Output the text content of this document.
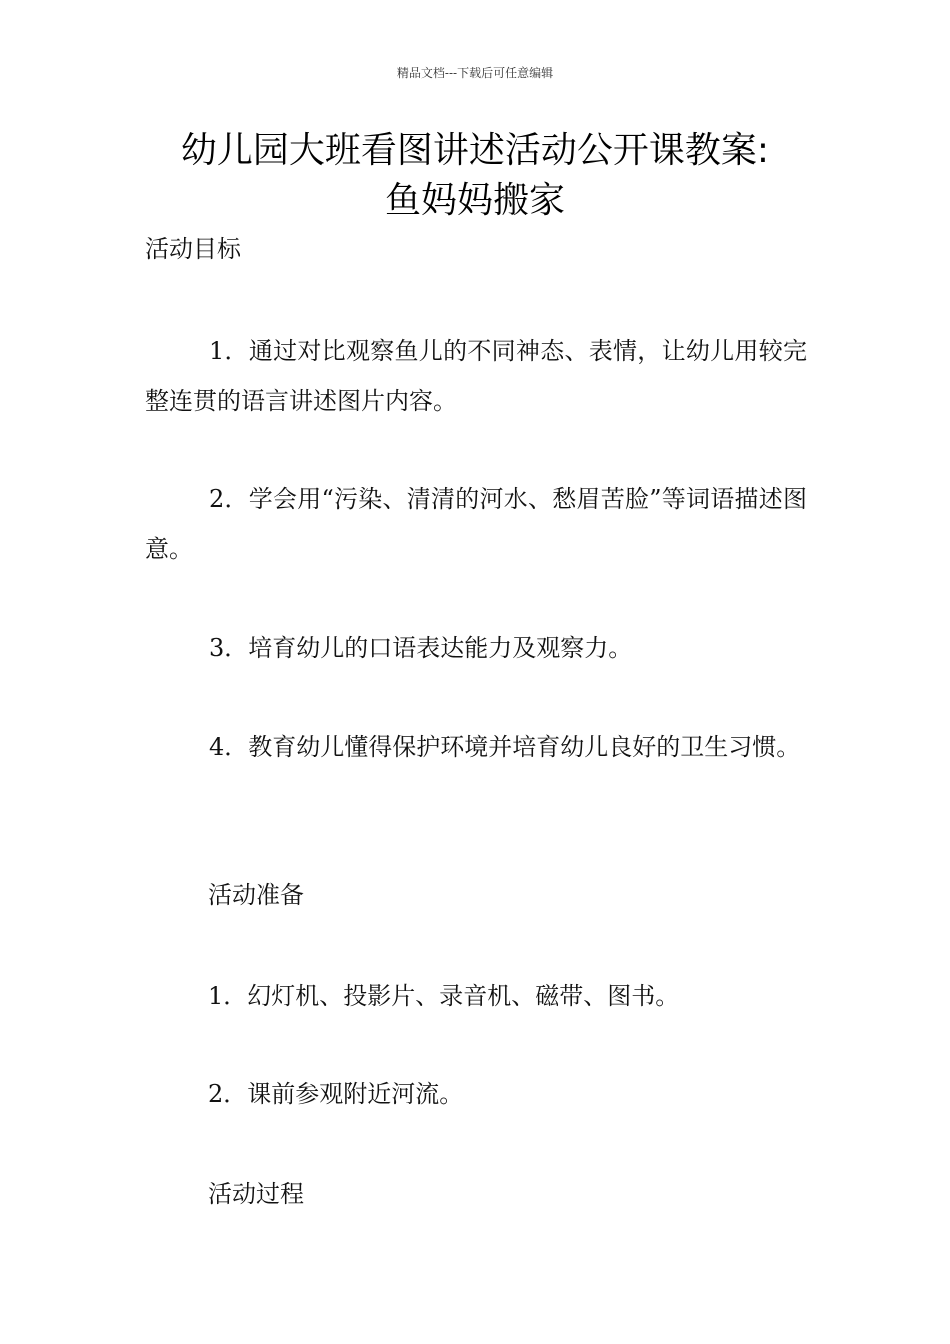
精品文档---下载后可任意编辑
幼儿园大班看图讲述活动公开课教案:
鱼妈妈搬家
活动目标
1．通过对比观察鱼儿的不同神态、表情，让幼儿用较完整连贯的语言讲述图片内容。
2．学会用“污染、清清的河水、愁眉苦脸”等词语描述图意。
3．培育幼儿的口语表达能力及观察力。
4．教育幼儿懂得保护环境并培育幼儿良好的卫生习惯。
活动准备
1．幻灯机、投影片、录音机、磁带、图书。
2．课前参观附近河流。
活动过程
